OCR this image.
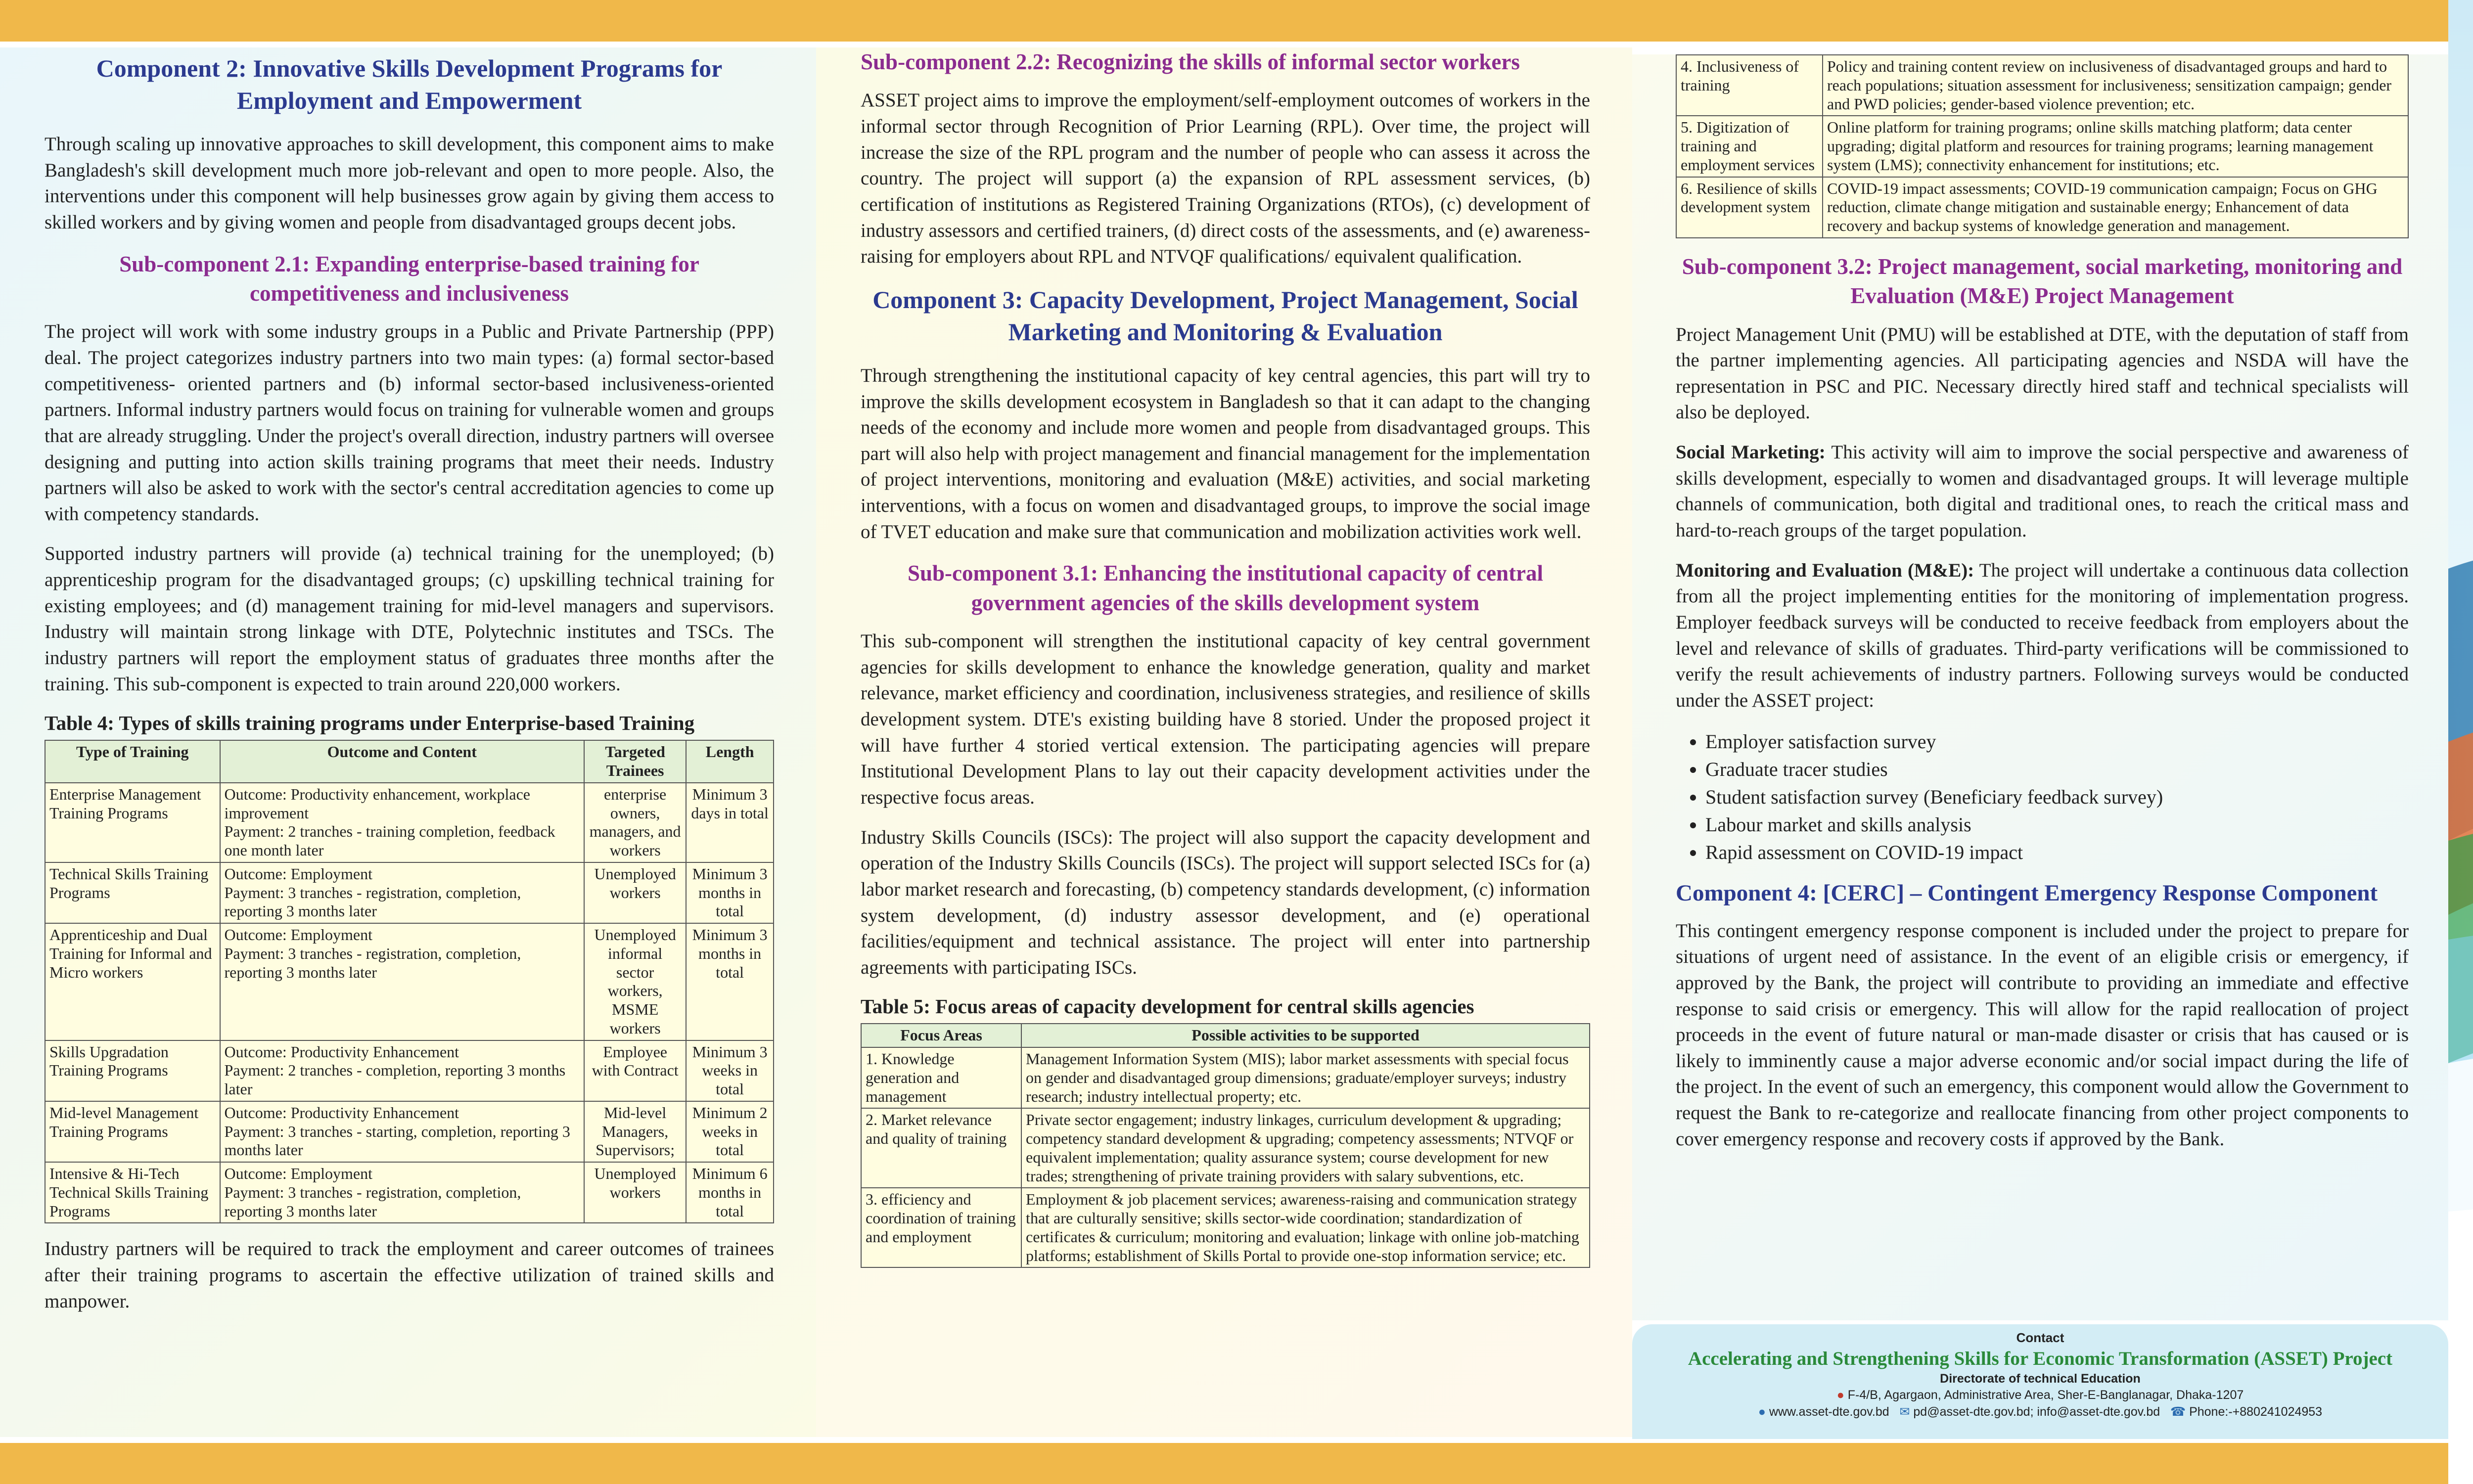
Component 2: Innovative Skills Development Programs for Employment and Empowerment

Through scaling up innovative approaches to skill development, this component aims to make Bangladesh's skill development much more job-relevant and open to more people. Also, the interventions under this component will help businesses grow again by giving them access to skilled workers and by giving women and people from disadvantaged groups decent jobs.

Sub-component 2.1: Expanding enterprise-based training for competitiveness and inclusiveness

The project will work with some industry groups in a Public and Private Partnership (PPP) deal. The project categorizes industry partners into two main types: (a) formal sector-based competitiveness- oriented partners and (b) informal sector-based inclusiveness-oriented partners. Informal industry partners would focus on training for vulnerable women and groups that are already struggling. Under the project's overall direction, industry partners will oversee designing and putting into action skills training programs that meet their needs. Industry partners will also be asked to work with the sector's central accreditation agencies to come up with competency standards.

Supported industry partners will provide (a) technical training for the unemployed; (b) apprenticeship program for the disadvantaged groups; (c) upskilling technical training for existing employees; and (d) management training for mid-level managers and supervisors. Industry will maintain strong linkage with DTE, Polytechnic institutes and TSCs. The industry partners will report the employment status of graduates three months after the training. This sub-component is expected to train around 220,000 workers.

Table 4: Types of skills training programs under Enterprise-based Training
Type of Training	Outcome and Content	Targeted Trainees	Length
Enterprise Management Training Programs	Outcome: Productivity enhancement, workplace improvement
Payment: 2 tranches - training completion, feedback one month later	enterprise owners, managers, and workers	Minimum 3 days in total
Technical Skills Training Programs	Outcome: Employment
Payment: 3 tranches - registration, completion, reporting 3 months later	Unemployed workers	Minimum 3 months in total
Apprenticeship and Dual Training for Informal and Micro workers	Outcome: Employment
Payment: 3 tranches - registration, completion, reporting 3 months later	Unemployed informal sector workers, MSME workers	Minimum 3 months in total
Skills Upgradation Training Programs	Outcome: Productivity Enhancement
Payment: 2 tranches - completion, reporting 3 months later	Employee with Contract	Minimum 3 weeks in total
Mid-level Management Training Programs	Outcome: Productivity Enhancement
Payment: 3 tranches - starting, completion, reporting 3 months later	Mid-level Managers, Supervisors;	Minimum 2 weeks in total
Intensive & Hi-Tech Technical Skills Training Programs	Outcome: Employment
Payment: 3 tranches - registration, completion, reporting 3 months later	Unemployed workers	Minimum 6 months in total

Industry partners will be required to track the employment and career outcomes of trainees after their training programs to ascertain the effective utilization of trained skills and manpower.

Sub-component 2.2: Recognizing the skills of informal sector workers

ASSET project aims to improve the employment/self-employment outcomes of workers in the informal sector through Recognition of Prior Learning (RPL). Over time, the project will increase the size of the RPL program and the number of people who can assess it across the country. The project will support (a) the expansion of RPL assessment services, (b) certification of institutions as Registered Training Organizations (RTOs), (c) development of industry assessors and certified trainers, (d) direct costs of the assessments, and (e) awareness-raising for employers about RPL and NTVQF qualifications/ equivalent qualification.

Component 3: Capacity Development, Project Management, Social Marketing and Monitoring & Evaluation

Through strengthening the institutional capacity of key central agencies, this part will try to improve the skills development ecosystem in Bangladesh so that it can adapt to the changing needs of the economy and include more women and people from disadvantaged groups. This part will also help with project management and financial management for the implementation of project interventions, monitoring and evaluation (M&E) activities, and social marketing interventions, with a focus on women and disadvantaged groups, to improve the social image of TVET education and make sure that communication and mobilization activities work well.

Sub-component 3.1: Enhancing the institutional capacity of central government agencies of the skills development system

This sub-component will strengthen the institutional capacity of key central government agencies for skills development to enhance the knowledge generation, quality and market relevance, market efficiency and coordination, inclusiveness strategies, and resilience of skills development system. DTE's existing building have 8 storied. Under the proposed project it will have further 4 storied vertical extension. The participating agencies will prepare Institutional Development Plans to lay out their capacity development activities under the respective focus areas.

Industry Skills Councils (ISCs): The project will also support the capacity development and operation of the Industry Skills Councils (ISCs). The project will support selected ISCs for (a) labor market research and forecasting, (b) competency standards development, (c) information system development, (d) industry assessor development, and (e) operational facilities/equipment and technical assistance. The project will enter into partnership agreements with participating ISCs.

Table 5: Focus areas of capacity development for central skills agencies
Focus Areas	Possible activities to be supported
1. Knowledge generation and management	Management Information System (MIS); labor market assessments with special focus on gender and disadvantaged group dimensions; graduate/employer surveys; industry research; industry intellectual property; etc.
2. Market relevance and quality of training	Private sector engagement; industry linkages, curriculum development & upgrading; competency standard development & upgrading; competency assessments; NTVQF or equivalent implementation; quality assurance system; course development for new trades; strengthening of private training providers with salary subventions, etc.
3. efficiency and coordination of training and employment	Employment & job placement services; awareness-raising and communication strategy that are culturally sensitive; skills sector-wide coordination; standardization of certificates & curriculum; monitoring and evaluation; linkage with online job-matching platforms; establishment of Skills Portal to provide one-stop information service; etc.
4. Inclusiveness of training	Policy and training content review on inclusiveness of disadvantaged groups and hard to reach populations; situation assessment for inclusiveness; sensitization campaign; gender and PWD policies; gender-based violence prevention; etc.
5. Digitization of training and employment services	Online platform for training programs; online skills matching platform; data center upgrading; digital platform and resources for training programs; learning management system (LMS); connectivity enhancement for institutions; etc.
6. Resilience of skills development system	COVID-19 impact assessments; COVID-19 communication campaign; Focus on GHG reduction, climate change mitigation and sustainable energy; Enhancement of data recovery and backup systems of knowledge generation and management.
Sub-component 3.2: Project management, social marketing, monitoring and Evaluation (M&E) Project Management

Project Management Unit (PMU) will be established at DTE, with the deputation of staff from the partner implementing agencies. All participating agencies and NSDA will have the representation in PSC and PIC. Necessary directly hired staff and technical specialists will also be deployed.

Social Marketing: This activity will aim to improve the social perspective and awareness of skills development, especially to women and disadvantaged groups. It will leverage multiple channels of communication, both digital and traditional ones, to reach the critical mass and hard-to-reach groups of the target population.

Monitoring and Evaluation (M&E): The project will undertake a continuous data collection from all the project implementing entities for the monitoring of implementation progress. Employer feedback surveys will be conducted to receive feedback from employers about the level and relevance of skills of graduates. Third-party verifications will be commissioned to verify the result achievements of industry partners. Following surveys would be conducted under the ASSET project:

• Employer satisfaction survey
• Graduate tracer studies
• Student satisfaction survey (Beneficiary feedback survey)
• Labour market and skills analysis
• Rapid assessment on COVID-19 impact
Component 4: [CERC] – Contingent Emergency Response Component

This contingent emergency response component is included under the project to prepare for situations of urgent need of assistance. In the event of an eligible crisis or emergency, if approved by the Bank, the project will contribute to providing an immediate and effective response to said crisis or emergency. This will allow for the rapid reallocation of project proceeds in the event of future natural or man-made disaster or crisis that has caused or is likely to imminently cause a major adverse economic and/or social impact during the life of the project. In the event of such an emergency, this component would allow the Government to request the Bank to re-categorize and reallocate financing from other project components to cover emergency response and recovery costs if approved by the Bank.

Contact
Accelerating and Strengthening Skills for Economic Transformation (ASSET) Project
Directorate of technical Education
● F-4/B, Agargaon, Administrative Area, Sher-E-Banglanagar, Dhaka-1207
● www.asset-dte.gov.bd ✉ pd@asset-dte.gov.bd; info@asset-dte.gov.bd ☎ Phone:-+880241024953
